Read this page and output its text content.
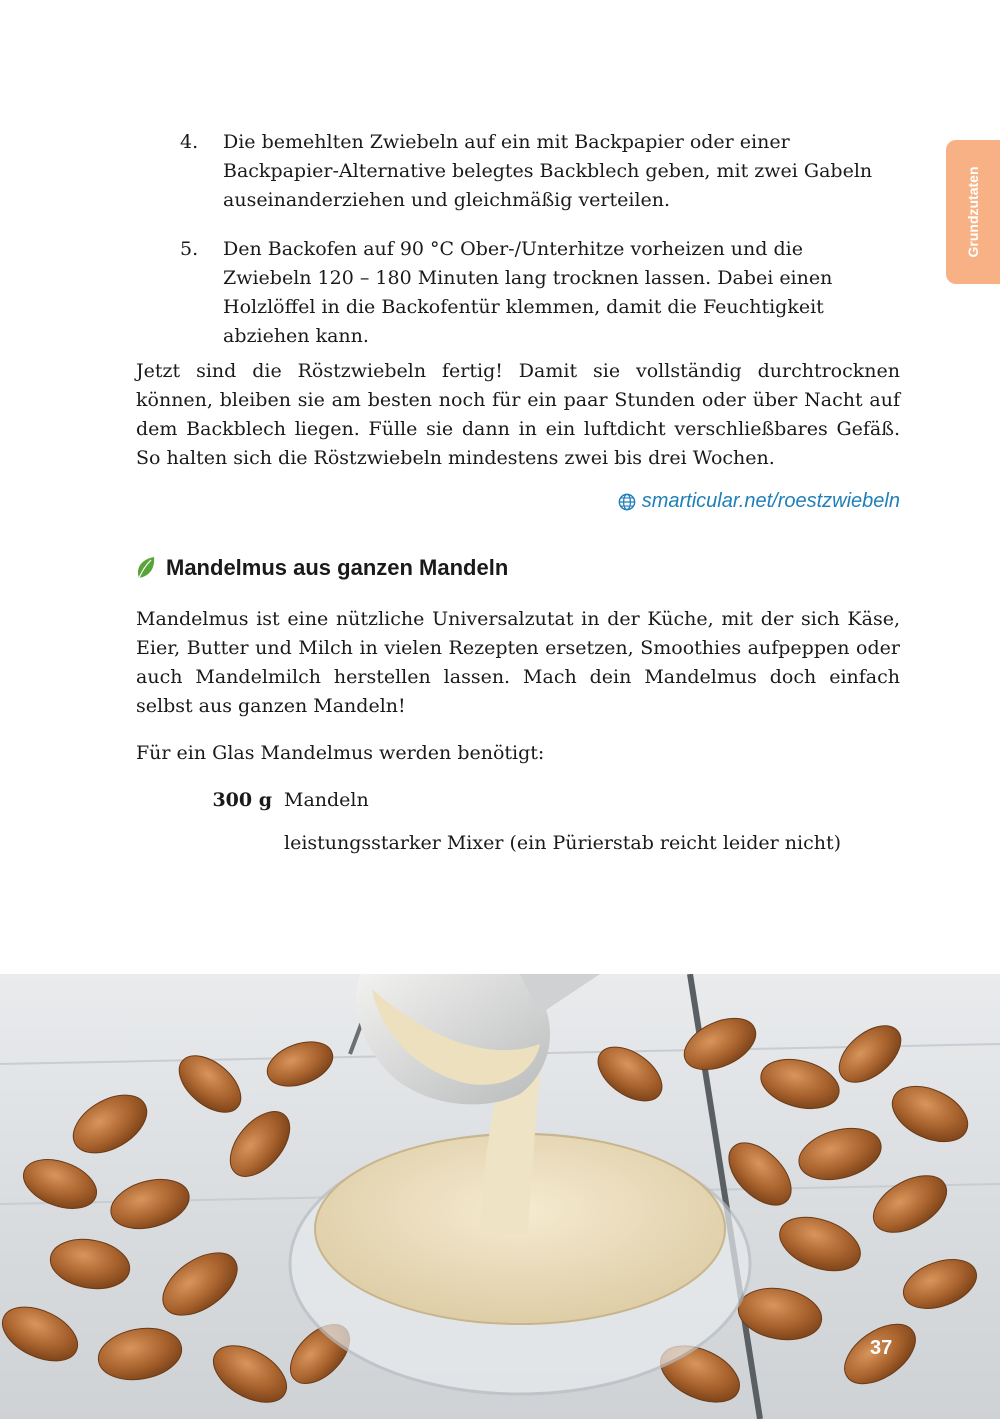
Grundzutaten
4.	Die bemehlten Zwiebeln auf ein mit Backpapier oder einer Backpapier-Alternative belegtes Backblech geben, mit zwei Gabeln auseinanderziehen und gleichmäßig verteilen.
5.	Den Backofen auf 90 °C Ober-/Unterhitze vorheizen und die Zwiebeln 120 – 180 Minuten lang trocknen lassen. Dabei einen Holzlöffel in die Backofentür klemmen, damit die Feuchtigkeit abziehen kann.

Jetzt sind die Röstzwiebeln fertig! Damit sie vollständig durchtrocknen können, bleiben sie am besten noch für ein paar Stunden oder über Nacht auf dem Backblech liegen. Fülle sie dann in ein luftdicht verschließbares Gefäß. So halten sich die Röstzwiebeln mindestens zwei bis drei Wochen.

smarticular.net/roestzwiebeln
Mandelmus aus ganzen Mandeln

Mandelmus ist eine nützliche Universalzutat in der Küche, mit der sich Käse, Eier, Butter und Milch in vielen Rezepten ersetzen, Smoothies aufpeppen oder auch Mandelmilch herstellen lassen. Mach dein Mandelmus doch einfach selbst aus ganzen Mandeln!

Für ein Glas Mandelmus werden benötigt:

300 g Mandeln
leistungsstarker Mixer (ein Pürierstab reicht leider nicht)
37
